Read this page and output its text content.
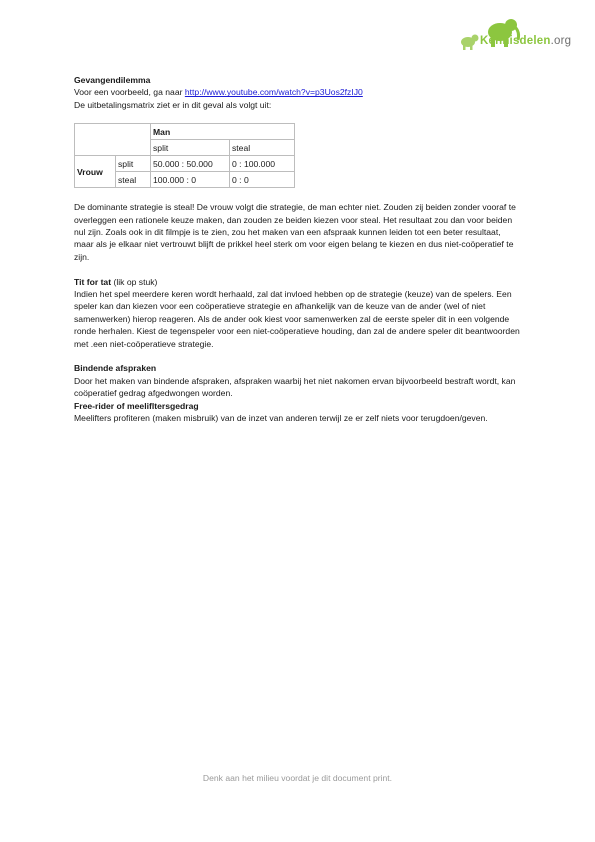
Kennisdelen.org

Gevangendilemma

Voor een voorbeeld, ga naar http://www.youtube.com/watch?v=p3Uos2fzIJ0

De uitbetalingsmatrix ziet er in dit geval als volgt uit:

		Man	
		split	steal
Vrouw	split	50.000 : 50.000	0 : 100.000
	steal	100.000 : 0	0 : 0

De dominante strategie is steal! De vrouw volgt die strategie, de man echter niet. Zouden zij beiden zonder vooraf te overleggen een rationele keuze maken, dan zouden ze beiden kiezen voor steal. Het resultaat zou dan voor beiden nul zijn. Zoals ook in dit filmpje is te zien, zou het maken van een afspraak kunnen leiden tot een beter resultaat, maar als je elkaar niet vertrouwt blijft de prikkel heel sterk om voor eigen belang te kiezen en dus niet-coöperatief te zijn.

Tit for tat (lik op stuk)

Indien het spel meerdere keren wordt herhaald, zal dat invloed hebben op de strategie (keuze) van de spelers. Een speler kan dan kiezen voor een coöperatieve strategie en afhankelijk van de keuze van de ander (wel of niet samenwerken) hierop reageren. Als de ander ook kiest voor samenwerken zal de eerste speler dit in een volgende ronde herhalen. Kiest de tegenspeler voor een niet-coöperatieve houding, dan zal de andere speler dit beantwoorden met .een niet-coöperatieve strategie.

Bindende afspraken

Door het maken van bindende afspraken, afspraken waarbij het niet nakomen ervan bijvoorbeeld bestraft wordt, kan coöperatief gedrag afgedwongen worden.

Free-rider of meelifltersgedrag

Meelifters profiteren (maken misbruik) van de inzet van anderen terwijl ze er zelf niets voor terugdoen/geven.

Denk aan het milieu voordat je dit document print.
